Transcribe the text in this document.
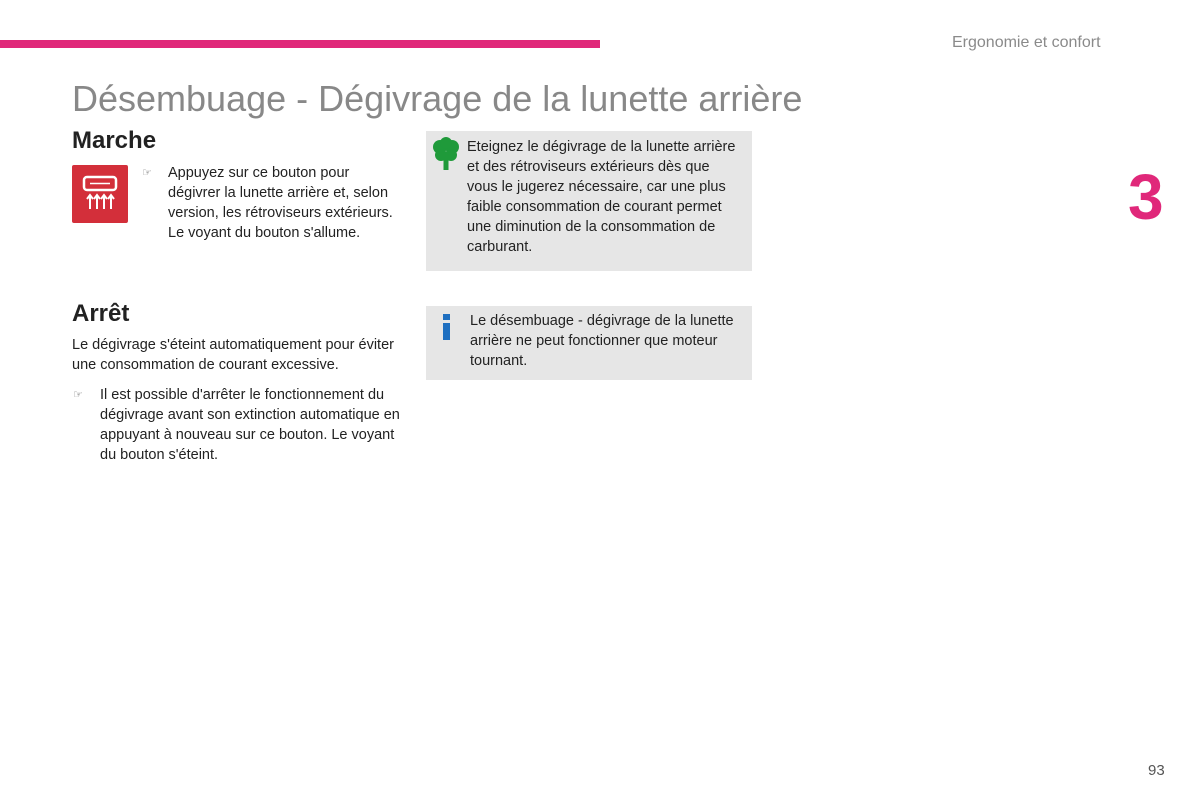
Ergonomie et confort
Désembuage - Dégivrage de la lunette arrière
3
Marche
☞ Appuyez sur ce bouton pour dégivrer la lunette arrière et, selon version, les rétroviseurs extérieurs. Le voyant du bouton s'allume.
Arrêt
Le dégivrage s'éteint automatiquement pour éviter une consommation de courant excessive.
☞ Il est possible d'arrêter le fonctionnement du dégivrage avant son extinction automatique en appuyant à nouveau sur ce bouton. Le voyant du bouton s'éteint.
Eteignez le dégivrage de la lunette arrière et des rétroviseurs extérieurs dès que vous le jugerez nécessaire, car une plus faible consommation de courant permet une diminution de la consommation de carburant.
Le désembuage - dégivrage de la lunette arrière ne peut fonctionner que moteur tournant.
93
